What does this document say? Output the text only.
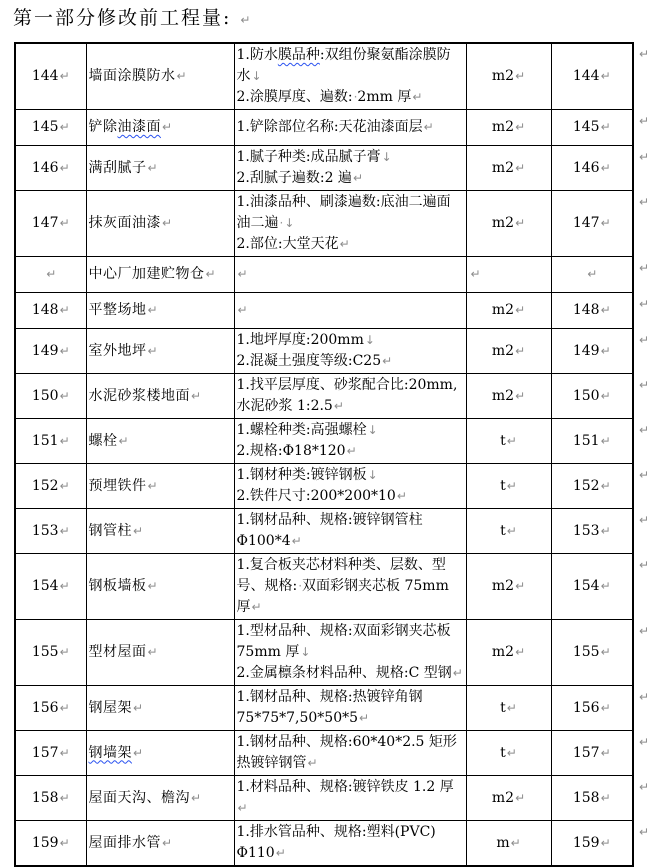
第一部分修改前工程量: ↵
144↵	墙面涂膜防水↵	1.防水膜品种:双组份聚氨酯涂膜防水↓
2.涂膜厚度、遍数:·2mm 厚↵	m2↵	144↵
145↵	铲除油漆面↵	1.铲除部位名称:天花油漆面层↵	m2↵	145↵
146↵	满刮腻子↵	1.腻子种类:成品腻子膏↓
2.刮腻子遍数:2 遍↵	m2↵	146↵
147↵	抹灰面油漆↵	1.油漆品种、刷漆遍数:底油二遍面油二遍·↓
2.部位:大堂天花↵	m2↵	147↵
↵	中心厂加建贮物仓↵	↵	↵	↵
148↵	平整场地↵	↵	m2↵	148↵
149↵	室外地坪↵	1.地坪厚度:200mm↓
2.混凝土强度等级:C25↵	m2↵	149↵
150↵	水泥砂浆楼地面↵	1.找平层厚度、砂浆配合比:20mm, 水泥砂浆 1:2.5↵	m2↵	150↵
151↵	螺栓↵	1.螺栓种类:高强螺栓↓
2.规格:Φ18*120↵	t↵	151↵
152↵	预埋铁件↵	1.钢材种类:镀锌钢板↓
2.铁件尺寸:200*200*10↵	t↵	152↵
153↵	钢管柱↵	1.钢材品种、规格:镀锌钢管柱Φ100*4↵	t↵	153↵
154↵	钢板墙板↵	1.复合板夹芯材料种类、层数、型号、规格:·双面彩钢夹芯板 75mm 厚↵	m2↵	154↵
155↵	型材屋面↵	1.型材品种、规格:双面彩钢夹芯板 75mm 厚↓
2.金属檩条材料品种、规格:C 型钢↵	m2↵	155↵
156↵	钢屋架↵	1.钢材品种、规格:热镀锌角钢 75*75*7,50*50*5↵	t↵	156↵
157↵	钢墙架↵	1.钢材品种、规格:60*40*2.5 矩形热镀锌钢管↵	t↵	157↵
158↵	屋面天沟、檐沟↵	1.材料品种、规格:镀锌铁皮 1.2 厚↵	m2↵	158↵
159↵	屋面排水管↵	1.排水管品种、规格:塑料(PVC) Φ110↵	m↵	159↵
↵
↵
↵
↵
↵
↵
↵
↵
↵
↵
↵
↵
↵
↵
↵
↵
↵
